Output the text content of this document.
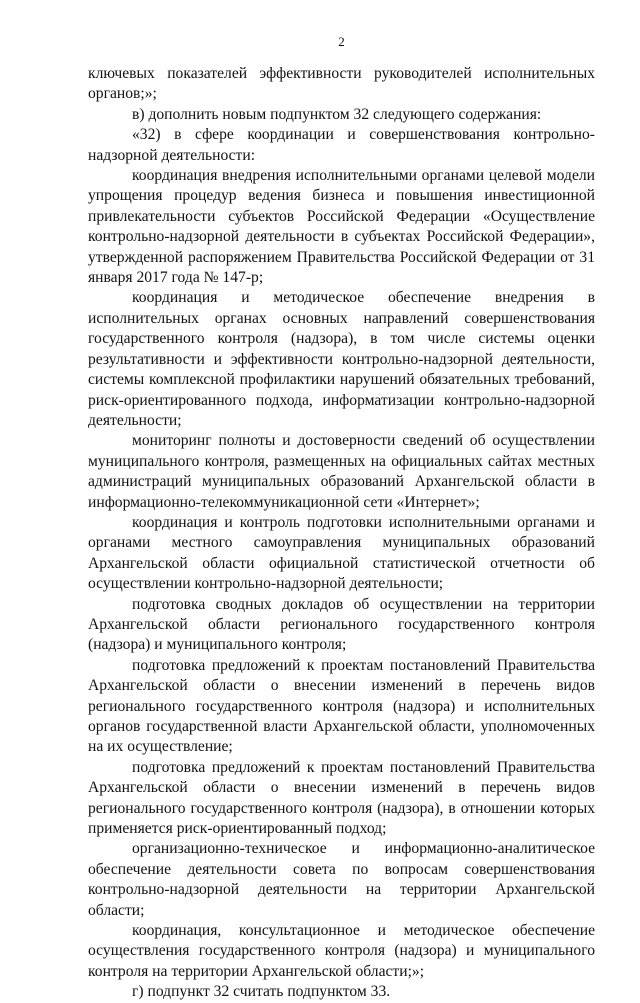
2

ключевых показателей эффективности руководителей исполнительных органов;»;

в) дополнить новым подпунктом 32 следующего содержания:

«32) в сфере координации и совершенствования контрольно-надзорной деятельности:

координация внедрения исполнительными органами целевой модели упрощения процедур ведения бизнеса и повышения инвестиционной привлекательности субъектов Российской Федерации «Осуществление контрольно-надзорной деятельности в субъектах Российской Федерации», утвержденной распоряжением Правительства Российской Федерации от 31 января 2017 года № 147-р;

координация и методическое обеспечение внедрения в исполнительных органах основных направлений совершенствования государственного контроля (надзора), в том числе системы оценки результативности и эффективности контрольно-надзорной деятельности, системы комплексной профилактики нарушений обязательных требований, риск-ориентированного подхода, информатизации контрольно-надзорной деятельности;

мониторинг полноты и достоверности сведений об осуществлении муниципального контроля, размещенных на официальных сайтах местных администраций муниципальных образований Архангельской области в информационно-телекоммуникационной сети «Интернет»;

координация и контроль подготовки исполнительными органами и органами местного самоуправления муниципальных образований Архангельской области официальной статистической отчетности об осуществлении контрольно-надзорной деятельности;

подготовка сводных докладов об осуществлении на территории Архангельской области регионального государственного контроля (надзора) и муниципального контроля;

подготовка предложений к проектам постановлений Правительства Архангельской области о внесении изменений в перечень видов регионального государственного контроля (надзора) и исполнительных органов государственной власти Архангельской области, уполномоченных на их осуществление;

подготовка предложений к проектам постановлений Правительства Архангельской области о внесении изменений в перечень видов регионального государственного контроля (надзора), в отношении которых применяется риск-ориентированный подход;

организационно-техническое и информационно-аналитическое обеспечение деятельности совета по вопросам совершенствования контрольно-надзорной деятельности на территории Архангельской области;

координация, консультационное и методическое обеспечение осуществления государственного контроля (надзора) и муниципального контроля на территории Архангельской области;»;

г) подпункт 32 считать подпунктом 33.
